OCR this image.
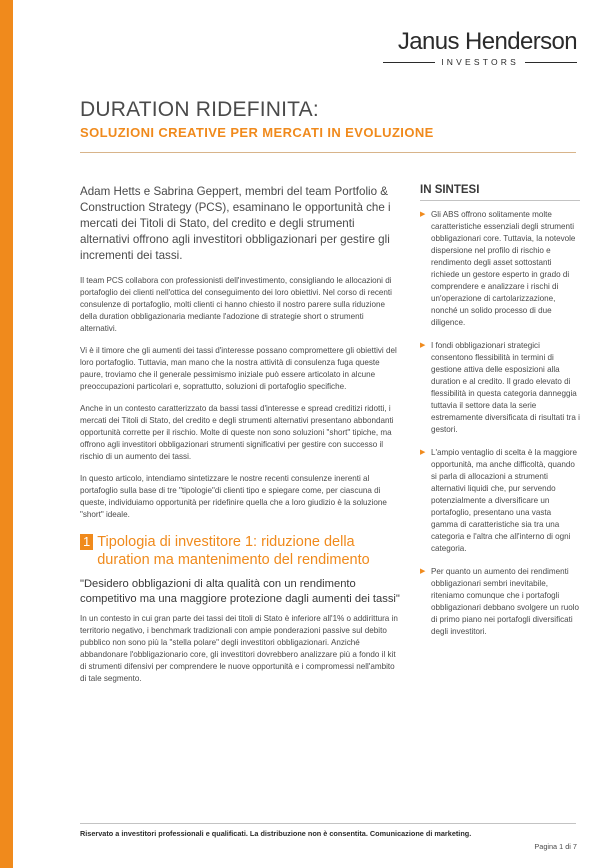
Janus Henderson
INVESTORS
DURATION RIDEFINITA:
SOLUZIONI CREATIVE PER MERCATI IN EVOLUZIONE

Adam Hetts e Sabrina Geppert, membri del team Portfolio & Construction Strategy (PCS), esaminano le opportunità che i mercati dei Titoli di Stato, del credito e degli strumenti alternativi offrono agli investitori obbligazionari per gestire gli incrementi dei tassi.

Il team PCS collabora con professionisti dell'investimento, consigliando le allocazioni di portafoglio dei clienti nell'ottica del conseguimento dei loro obiettivi. Nel corso di recenti consulenze di portafoglio, molti clienti ci hanno chiesto il nostro parere sulla riduzione della duration obbligazionaria mediante l'adozione di strategie short o strumenti alternativi.

Vi è il timore che gli aumenti dei tassi d'interesse possano compromettere gli obiettivi del loro portafoglio. Tuttavia, man mano che la nostra attività di consulenza fuga queste paure, troviamo che il generale pessimismo iniziale può essere articolato in alcune preoccupazioni particolari e, soprattutto, soluzioni di portafoglio specifiche.

Anche in un contesto caratterizzato da bassi tassi d'interesse e spread creditizi ridotti, i mercati dei Titoli di Stato, del credito e degli strumenti alternativi presentano abbondanti opportunità corrette per il rischio. Molte di queste non sono soluzioni "short" tipiche, ma offrono agli investitori obbligazionari strumenti significativi per gestire con successo il rischio di un aumento dei tassi.

In questo articolo, intendiamo sintetizzare le nostre recenti consulenze inerenti al portafoglio sulla base di tre "tipologie"di clienti tipo e spiegare come, per ciascuna di queste, individuiamo opportunità per ridefinire quella che a loro giudizio è la soluzione "short" ideale.

1 Tipologia di investitore 1: riduzione della duration ma mantenimento del rendimento

"Desidero obbligazioni di alta qualità con un rendimento competitivo ma una maggiore protezione dagli aumenti dei tassi"

In un contesto in cui gran parte dei tassi dei titoli di Stato è inferiore all'1% o addirittura in territorio negativo, i benchmark tradizionali con ampie ponderazioni passive sul debito pubblico non sono più la "stella polare" degli investitori obbligazionari. Anziché abbandonare l'obbligazionario core, gli investitori dovrebbero analizzare più a fondo il kit di strumenti difensivi per comprendere le nuove opportunità e i compromessi nell'ambito di tale segmento.

IN SINTESI
▶ Gli ABS offrono solitamente molte caratteristiche essenziali degli strumenti obbligazionari core. Tuttavia, la notevole dispersione nel profilo di rischio e rendimento degli asset sottostanti richiede un gestore esperto in grado di comprendere e analizzare i rischi di un'operazione di cartolarizzazione, nonché un solido processo di due diligence.
▶ I fondi obbligazionari strategici consentono flessibilità in termini di gestione attiva delle esposizioni alla duration e al credito. Il grado elevato di flessibilità in questa categoria danneggia tuttavia il settore data la serie estremamente diversificata di risultati tra i gestori.
▶ L'ampio ventaglio di scelta è la maggiore opportunità, ma anche difficoltà, quando si parla di allocazioni a strumenti alternativi liquidi che, pur servendo potenzialmente a diversificare un portafoglio, presentano una vasta gamma di caratteristiche sia tra una categoria e l'altra che all'interno di ogni categoria.
▶ Per quanto un aumento dei rendimenti obbligazionari sembri inevitabile, riteniamo comunque che i portafogli obbligazionari debbano svolgere un ruolo di primo piano nei portafogli diversificati degli investitori.
Riservato a investitori professionali e qualificati. La distribuzione non è consentita. Comunicazione di marketing.
Pagina 1 di 7
